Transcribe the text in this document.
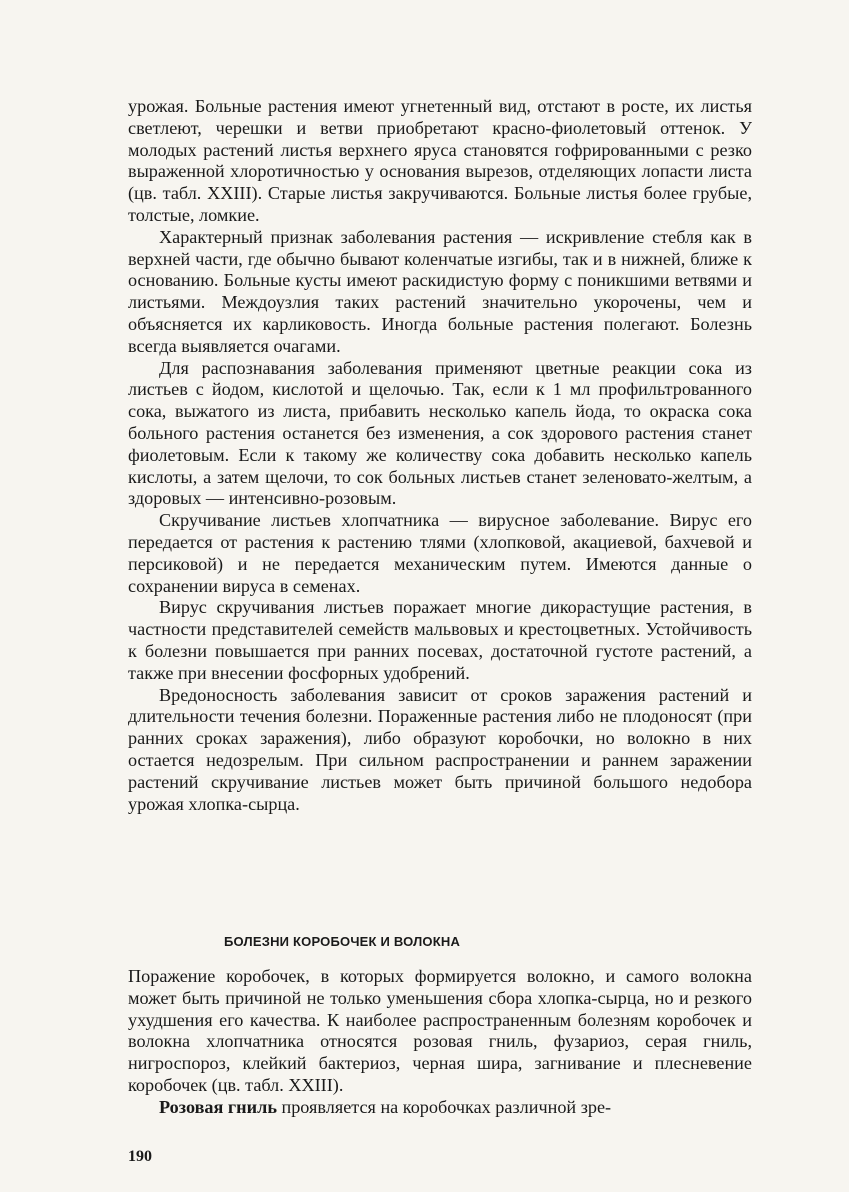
урожая. Больные растения имеют угнетенный вид, отстают в росте, их листья светлеют, черешки и ветви приобретают красно-фиолетовый оттенок. У молодых растений листья верхнего яруса становятся гофрированными с резко выраженной хлоротичностью у основания вырезов, отделяющих лопасти листа (цв. табл. XXIII). Старые листья закручиваются. Больные листья более грубые, толстые, ломкие.

Характерный признак заболевания растения — искривление стебля как в верхней части, где обычно бывают коленчатые изгибы, так и в нижней, ближе к основанию. Больные кусты имеют раскидистую форму с поникшими ветвями и листьями. Междоузлия таких растений значительно укорочены, чем и объясняется их карликовость. Иногда больные растения полегают. Болезнь всегда выявляется очагами.

Для распознавания заболевания применяют цветные реакции сока из листьев с йодом, кислотой и щелочью. Так, если к 1 мл профильтрованного сока, выжатого из листа, прибавить несколько капель йода, то окраска сока больного растения останется без изменения, а сок здорового растения станет фиолетовым. Если к такому же количеству сока добавить несколько капель кислоты, а затем щелочи, то сок больных листьев станет зеленовато-желтым, а здоровых — интенсивно-розовым.

Скручивание листьев хлопчатника — вирусное заболевание. Вирус его передается от растения к растению тлями (хлопковой, акациевой, бахчевой и персиковой) и не передается механическим путем. Имеются данные о сохранении вируса в семенах.

Вирус скручивания листьев поражает многие дикорастущие растения, в частности представителей семейств мальвовых и крестоцветных. Устойчивость к болезни повышается при ранних посевах, достаточной густоте растений, а также при внесении фосфорных удобрений.

Вредоносность заболевания зависит от сроков заражения растений и длительности течения болезни. Пораженные растения либо не плодоносят (при ранних сроках заражения), либо образуют коробочки, но волокно в них остается недозрелым. При сильном распространении и раннем заражении растений скручивание листьев может быть причиной большого недобора урожая хлопка-сырца.

БОЛЕЗНИ КОРОБОЧЕК И ВОЛОКНА

Поражение коробочек, в которых формируется волокно, и самого волокна может быть причиной не только уменьшения сбора хлопка-сырца, но и резкого ухудшения его качества. К наиболее распространенным болезням коробочек и волокна хлопчатника относятся розовая гниль, фузариоз, серая гниль, нигроспороз, клейкий бактериоз, черная шира, загнивание и плесневение коробочек (цв. табл. XXIII).

Розовая гниль проявляется на коробочках различной зре-

190
